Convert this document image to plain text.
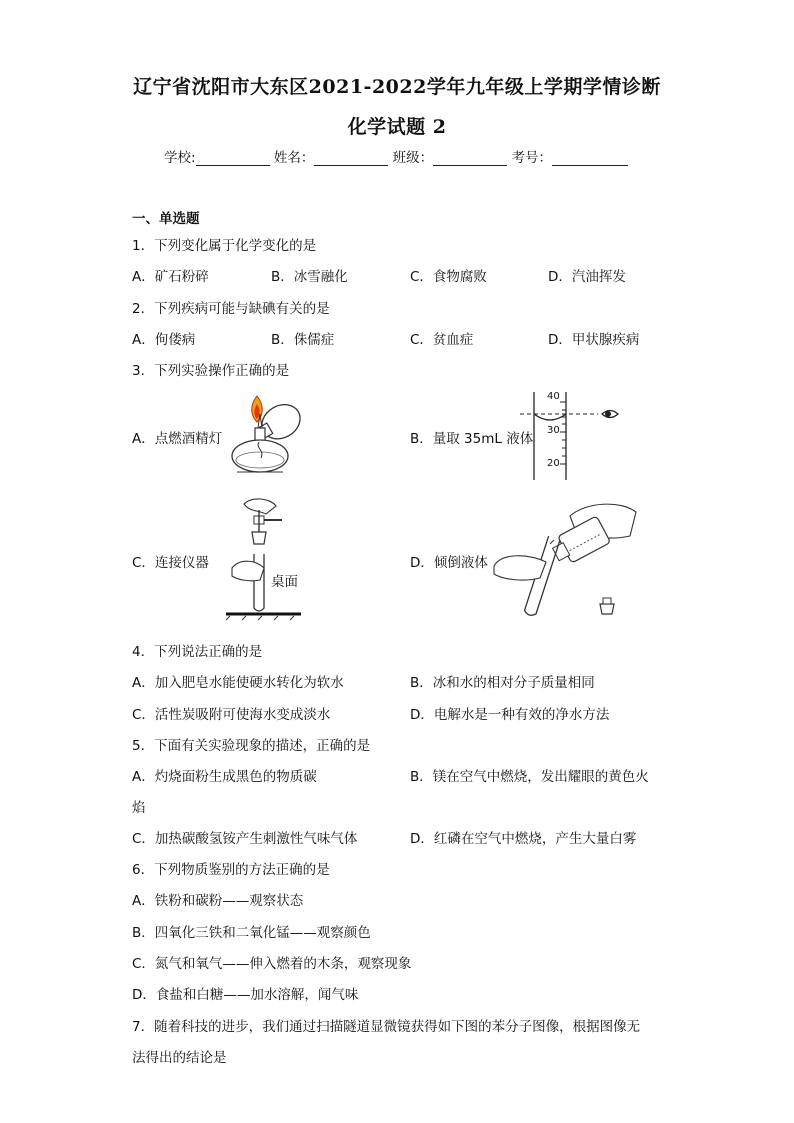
辽宁省沈阳市大东区2021-2022学年九年级上学期学情诊断
化学试题 2
学校:	姓名：	班级：	考号：
一、单选题
1．下列变化属于化学变化的是
A．矿石粉碎	B．冰雪融化	C．食物腐败	D．汽油挥发
2．下列疾病可能与缺碘有关的是
A．佝偻病	B．侏儒症	C．贫血症	D．甲状腺疾病
3．下列实验操作正确的是
A．点燃酒精灯	B．量取 35mL 液体
C．连接仪器	D．倾倒液体
40
30
20
桌面
4．下列说法正确的是
A．加入肥皂水能使硬水转化为软水	B．冰和水的相对分子质量相同
C．活性炭吸附可使海水变成淡水	D．电解水是一种有效的净水方法
5．下面有关实验现象的描述，正确的是
A．灼烧面粉生成黑色的物质碳	B．镁在空气中燃烧，发出耀眼的黄色火
焰
C．加热碳酸氢铵产生刺激性气味气体	D．红磷在空气中燃烧，产生大量白雾
6．下列物质鉴别的方法正确的是
A．铁粉和碳粉——观察状态
B．四氧化三铁和二氧化锰——观察颜色
C．氮气和氧气——伸入燃着的木条，观察现象
D．食盐和白糖——加水溶解，闻气味
7．随着科技的进步，我们通过扫描隧道显微镜获得如下图的苯分子图像，根据图像无
法得出的结论是
